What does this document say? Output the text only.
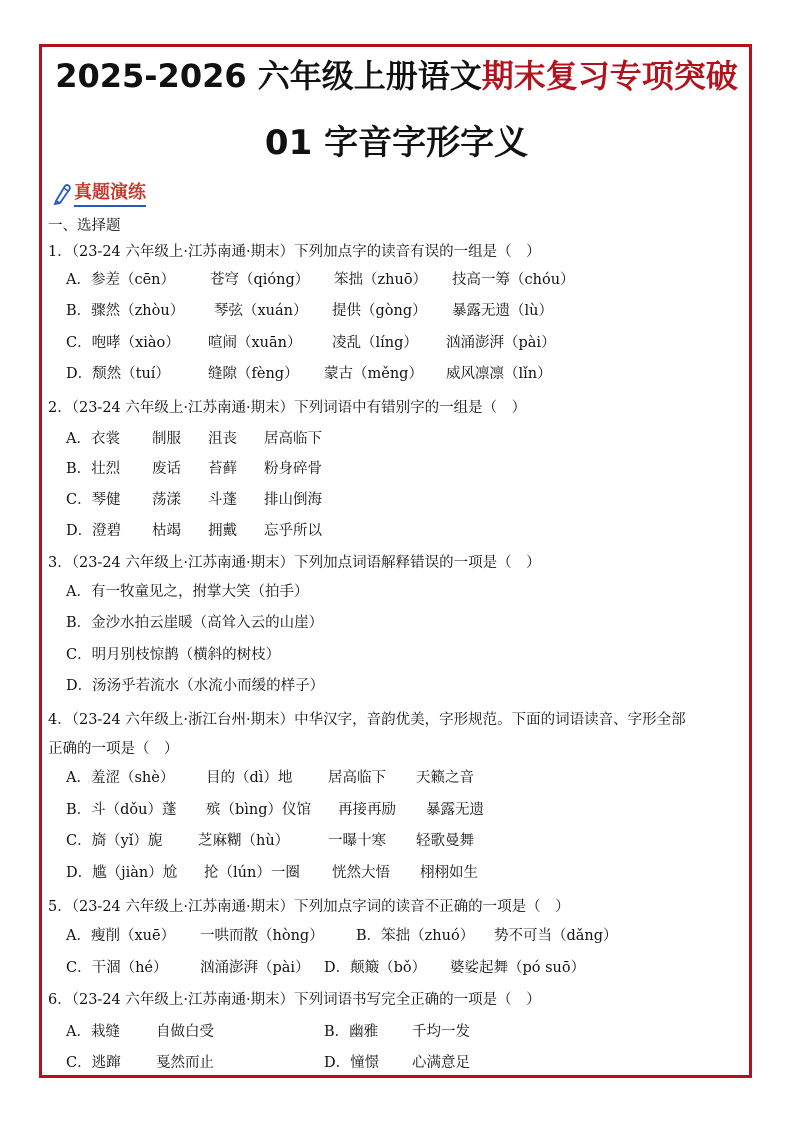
2025-2026 六年级上册语文期末复习专项突破
01 字音字形字义
真题演练
一、选择题
1．（23-24 六年级上·江苏南通·期末）下列加点字的读音有误的一组是（　）
A．参差（cēn） 苍穹（qióng） 笨拙（zhuō） 技高一筹（chóu）
B．骤然（zhòu） 琴弦（xuán） 提供（gòng） 暴露无遗（lù）
C．咆哮（xiào） 喧闹（xuān） 凌乱（líng） 汹涌澎湃（pài）
D．颓然（tuí）	缝隙（fèng） 蒙古（měng） 威风凛凛（lǐn）
2．（23-24 六年级上·江苏南通·期末）下列词语中有错别字的一组是（　）
A．衣裳 制服 沮丧 居高临下
B．壮烈 废话 苔藓 粉身碎骨
C．琴健 荡漾 斗蓬 排山倒海
D．澄碧 枯竭 拥戴 忘乎所以
3．（23-24 六年级上·江苏南通·期末）下列加点词语解释错误的一项是（　）
A．有一牧童见之，拊掌大笑（拍手）
B．金沙水拍云崖暖（高耸入云的山崖）
C．明月别枝惊鹊（横斜的树枝）
D．汤汤乎若流水（水流小而缓的样子）
4．（23-24 六年级上·浙江台州·期末）中华汉字，音韵优美，字形规范。下面的词语读音、字形全部
正确的一项是（　）
A．羞涩（shè） 目的（dì）地 居高临下 天籁之音
B．斗（dǒu）蓬 殡（bìng）仪馆 再接再励 暴露无遗
C．旖（yǐ）旎 芝麻糊（hù）	一曝十寒 轻歌曼舞
D．尴（jiàn）尬 抡（lún）一圈 恍然大悟 栩栩如生
5．（23-24 六年级上·江苏南通·期末）下列加点字词的读音不正确的一项是（　）
A．瘦削（xuē） 一哄而散（hòng） B．笨拙（zhuó） 势不可当（dǎng）
C．干涸（hé） 汹涌澎湃（pài） D．颠簸（bǒ） 婆娑起舞（pó suō）
6．（23-24 六年级上·江苏南通·期末）下列词语书写完全正确的一项是（　）
A．栽缝 自做白受	B．幽雅 千均一发
C．逃蹿 戛然而止	D．憧憬 心满意足
